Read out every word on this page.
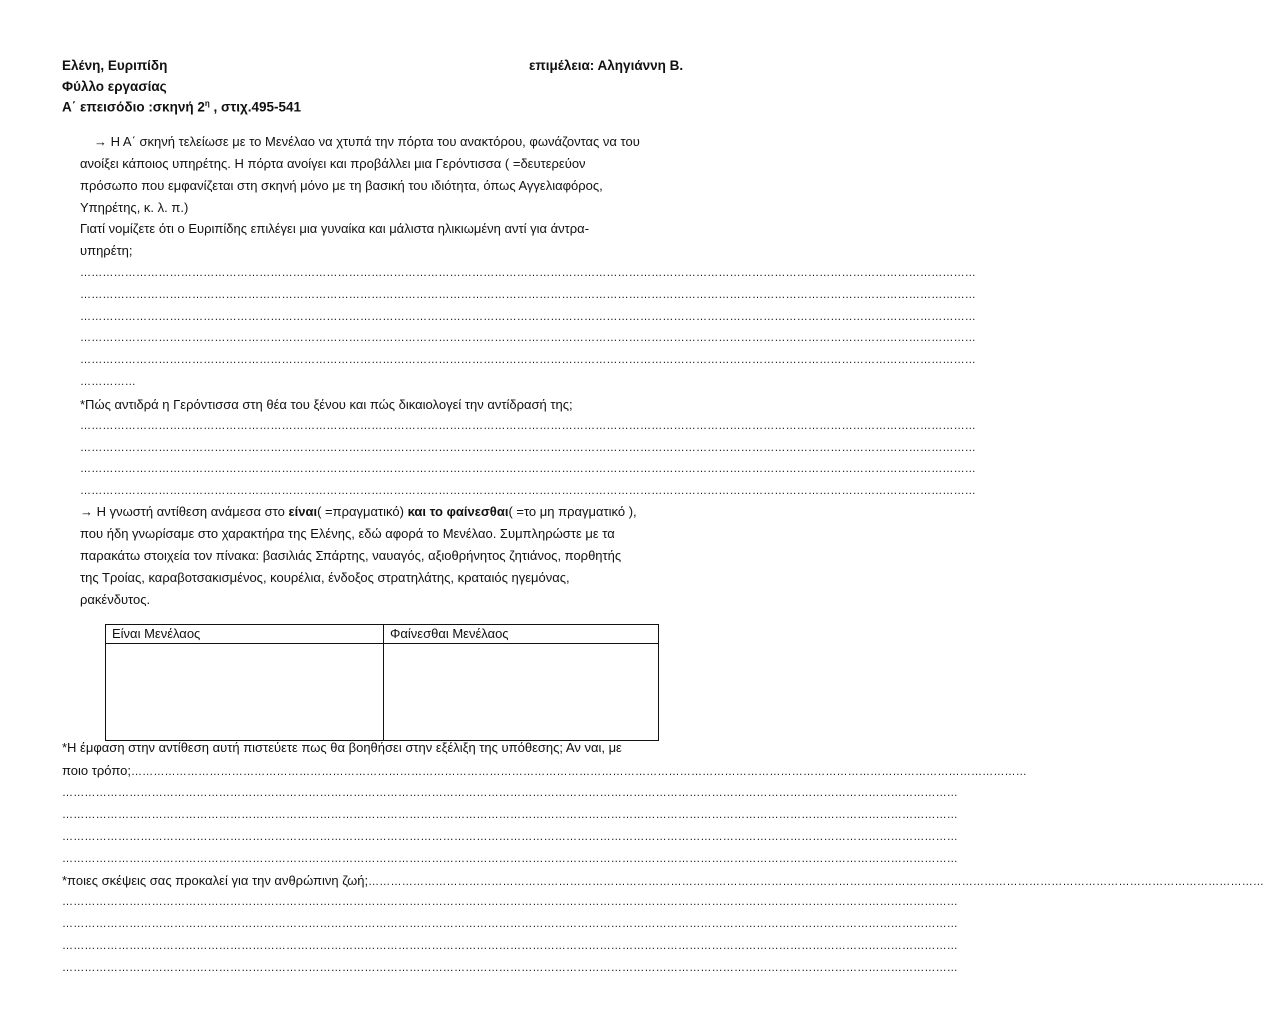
Ελένη, Ευριπίδη	επιμέλεια: Αληγιάννη Β.
Φύλλο εργασίας
Α΄ επεισόδιο :σκηνή $2^\eta$ , στιχ.495-541
→ Η Α΄ σκηνή τελείωσε με το Μενέλαο να χτυπά την πόρτα του ανακτόρου, φωνάζοντας να του
ανοίξει κάποιος υπηρέτης. Η πόρτα ανοίγει και προβάλλει μια Γερόντισσα ( =δευτερεύον
πρόσωπο που εμφανίζεται στη σκηνή μόνο με τη βασική του ιδιότητα, όπως Αγγελιαφόρος,
Υπηρέτης, κ. λ. π.)
Γιατί νομίζετε ότι ο Ευριπίδης επιλέγει μια γυναίκα και μάλιστα ηλικιωμένη αντί για άντρα-
υπηρέτη;
……………………………………………………………………………………………………………………………………………………………………………………………………………………
……………………………………………………………………………………………………………………………………………………………………………………………………………………
……………………………………………………………………………………………………………………………………………………………………………………………………………………
……………………………………………………………………………………………………………………………………………………………………………………………………………………
……………………………………………………………………………………………………………………………………………………………………………………………………………………
……………
*Πώς αντιδρά η Γερόντισσα στη θέα του ξένου και πώς δικαιολογεί την αντίδρασή της;
……………………………………………………………………………………………………………………………………………………………………………………………………………………
……………………………………………………………………………………………………………………………………………………………………………………………………………………
……………………………………………………………………………………………………………………………………………………………………………………………………………………
……………………………………………………………………………………………………………………………………………………………………………………………………………………
→ Η γνωστή αντίθεση ανάμεσα στο είναι( =πραγματικό) και το φαίνεσθαι( =το μη πραγματικό ),
που ήδη γνωρίσαμε στο χαρακτήρα της Ελένης, εδώ αφορά το Μενέλαο. Συμπληρώστε με τα
παρακάτω στοιχεία τον πίνακα: βασιλιάς Σπάρτης, ναυαγός, αξιοθρήνητος ζητιάνος, πορθητής
της Τροίας, καραβοτσακισμένος, κουρέλια, ένδοξος στρατηλάτης, κραταιός ηγεμόνας,
ρακένδυτος.
Είναι Μενέλαος	Φαίνεσθαι Μενέλαος

*Η έμφαση στην αντίθεση αυτή πιστεύετε πως θα βοηθήσει στην εξέλιξη της υπόθεσης; Αν ναι, με
ποιο τρόπο;……………………………………………………………………………………………………………………………………………………………………………………………………………………
……………………………………………………………………………………………………………………………………………………………………………………………………………………
……………………………………………………………………………………………………………………………………………………………………………………………………………………
……………………………………………………………………………………………………………………………………………………………………………………………………………………
……………………………………………………………………………………………………………………………………………………………………………………………………………………
*ποιες σκέψεις σας προκαλεί για την ανθρώπινη ζωή;……………………………………………………………………………………………………………………………………………………………………………………………………………………
……………………………………………………………………………………………………………………………………………………………………………………………………………………
……………………………………………………………………………………………………………………………………………………………………………………………………………………
……………………………………………………………………………………………………………………………………………………………………………………………………………………
……………………………………………………………………………………………………………………………………………………………………………………………………………………
